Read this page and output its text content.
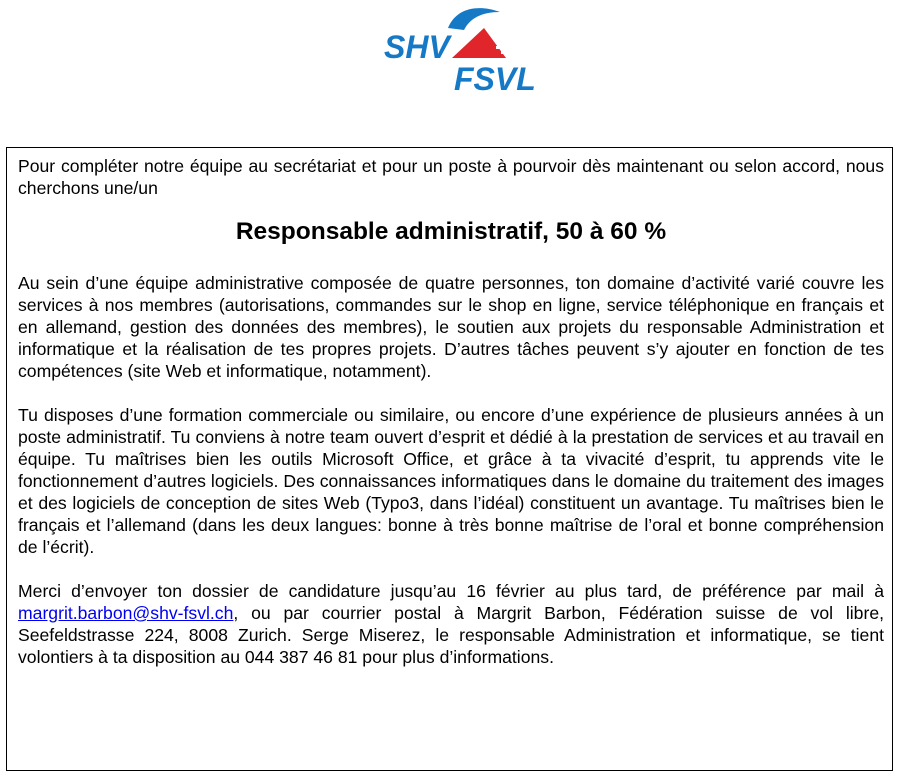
SHV
FSVL

Pour compléter notre équipe au secrétariat et pour un poste à pourvoir dès maintenant ou selon accord, nous cherchons une/un

Responsable administratif, 50 à 60 %

Au sein d’une équipe administrative composée de quatre personnes, ton domaine d’activité varié couvre les services à nos membres (autorisations, commandes sur le shop en ligne, service téléphonique en français et en allemand, gestion des données des membres), le soutien aux projets du responsable Administration et informatique et la réalisation de tes propres projets. D’autres tâches peuvent s’y ajouter en fonction de tes compétences (site Web et informatique, notamment).

Tu disposes d’une formation commerciale ou similaire, ou encore d’une expérience de plusieurs années à un poste administratif. Tu conviens à notre team ouvert d’esprit et dédié à la prestation de services et au travail en équipe. Tu maîtrises bien les outils Microsoft Office, et grâce à ta vivacité d’esprit, tu apprends vite le fonctionnement d’autres logiciels. Des connaissances informatiques dans le domaine du traitement des images et des logiciels de conception de sites Web (Typo3, dans l’idéal) constituent un avantage. Tu maîtrises bien le français et l’allemand (dans les deux langues: bonne à très bonne maîtrise de l’oral et bonne compréhension de l’écrit).

Merci d’envoyer ton dossier de candidature jusqu’au 16 février au plus tard, de préférence par mail à margrit.barbon@shv-fsvl.ch, ou par courrier postal à Margrit Barbon, Fédération suisse de vol libre, Seefeldstrasse 224, 8008 Zurich. Serge Miserez, le responsable Administration et informatique, se tient volontiers à ta disposition au 044 387 46 81 pour plus d’informations.
